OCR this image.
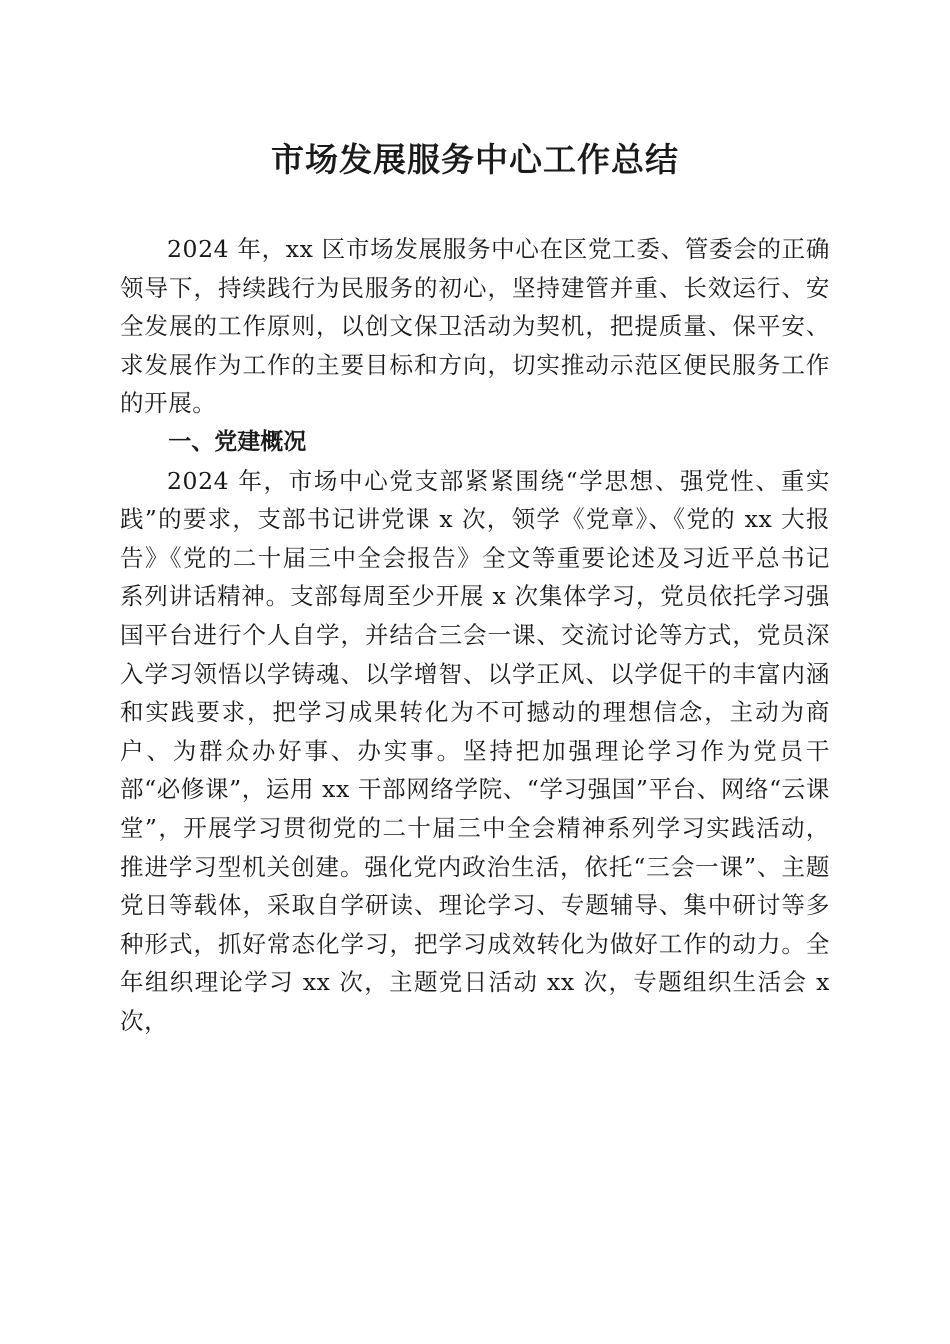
市场发展服务中心工作总结

2024 年，xx 区市场发展服务中心在区党工委、管委会的正确领导下，持续践行为民服务的初心，坚持建管并重、长效运行、安全发展的工作原则，以创文保卫活动为契机，把提质量、保平安、求发展作为工作的主要目标和方向，切实推动示范区便民服务工作的开展。

一、党建概况

2024 年，市场中心党支部紧紧围绕“学思想、强党性、重实践”的要求，支部书记讲党课 x 次，领学《党章》、《党的 xx 大报告》《党的二十届三中全会报告》全文等重要论述及习近平总书记系列讲话精神。支部每周至少开展 x 次集体学习，党员依托学习强国平台进行个人自学，并结合三会一课、交流讨论等方式，党员深入学习领悟以学铸魂、以学增智、以学正风、以学促干的丰富内涵和实践要求，把学习成果转化为不可撼动的理想信念，主动为商户、为群众办好事、办实事。坚持把加强理论学习作为党员干部“必修课”，运用 xx 干部网络学院、“学习强国”平台、网络“云课堂”，开展学习贯彻党的二十届三中全会精神系列学习实践活动，推进学习型机关创建。强化党内政治生活，依托“三会一课”、主题党日等载体，采取自学研读、理论学习、专题辅导、集中研讨等多种形式，抓好常态化学习，把学习成效转化为做好工作的动力。全年组织理论学习 xx 次，主题党日活动 xx 次，专题组织生活会 x 次，
